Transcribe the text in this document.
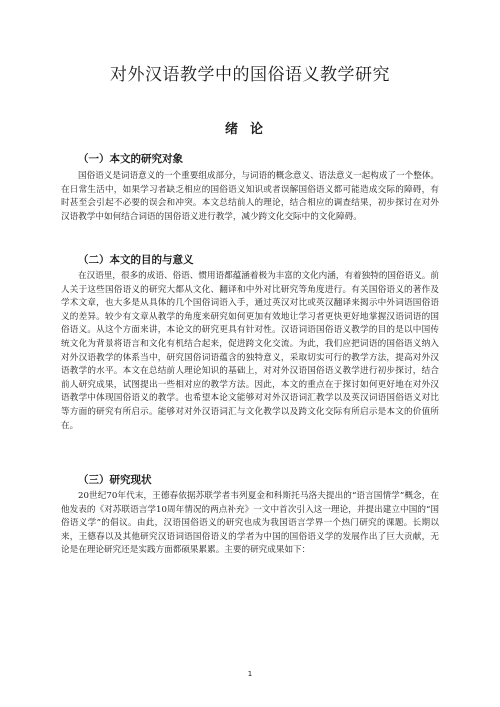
对外汉语教学中的国俗语义教学研究
绪论
（一）本文的研究对象

国俗语义是词语意义的一个重要组成部分，与词语的概念意义、语法意义一起构成了一个整体。在日常生活中，如果学习者缺乏相应的国俗语义知识或者误解国俗语义都可能造成交际的障碍，有时甚至会引起不必要的误会和冲突。本文总结前人的理论，结合相应的调查结果，初步探讨在对外汉语教学中如何结合词语的国俗语义进行教学，减少跨文化交际中的文化障碍。

（二）本文的目的与意义

在汉语里，很多的成语、俗语、惯用语都蕴涵着极为丰富的文化内涵，有着独特的国俗语义。前人关于这些国俗语义的研究大都从文化、翻译和中外对比研究等角度进行。有关国俗语义的著作及学术文章，也大多是从具体的几个国俗词语入手，通过英汉对比或英汉翻译来揭示中外词语国俗语义的差异。较少有文章从教学的角度来研究如何更加有效地让学习者更快更好地掌握汉语词语的国俗语义。从这个方面来讲，本论文的研究更具有针对性。汉语词语国俗语义教学的目的是以中国传统文化为背景将语言和文化有机结合起来，促进跨文化交流。为此，我们应把词语的国俗语义纳入对外汉语教学的体系当中，研究国俗词语蕴含的独特意义，采取切实可行的教学方法，提高对外汉语教学的水平。本文在总结前人理论知识的基础上，对对外汉语国俗语义教学进行初步探讨，结合前人研究成果，试图提出一些相对应的教学方法。因此，本文的重点在于探讨如何更好地在对外汉语教学中体现国俗语义的教学。也希望本论文能够对对外汉语词汇教学以及英汉词语国俗语义对比等方面的研究有所启示。能够对对外汉语词汇与文化教学以及跨文化交际有所启示是本文的价值所在。

（三）研究现状

20世纪70年代末，王德春依据苏联学者韦列夏金和科斯托马洛夫提出的“语言国情学”概念，在他发表的《对苏联语言学10周年情况的两点补充》一文中首次引入这一理论，并提出建立中国的“国俗语义学”的倡议。由此，汉语国俗语义的研究也成为我国语言学界一个热门研究的课题。长期以来，王德春以及其他研究汉语词语国俗语义的学者为中国的国俗语义学的发展作出了巨大贡献，无论是在理论研究还是实践方面都硕果累累。主要的研究成果如下：

1
